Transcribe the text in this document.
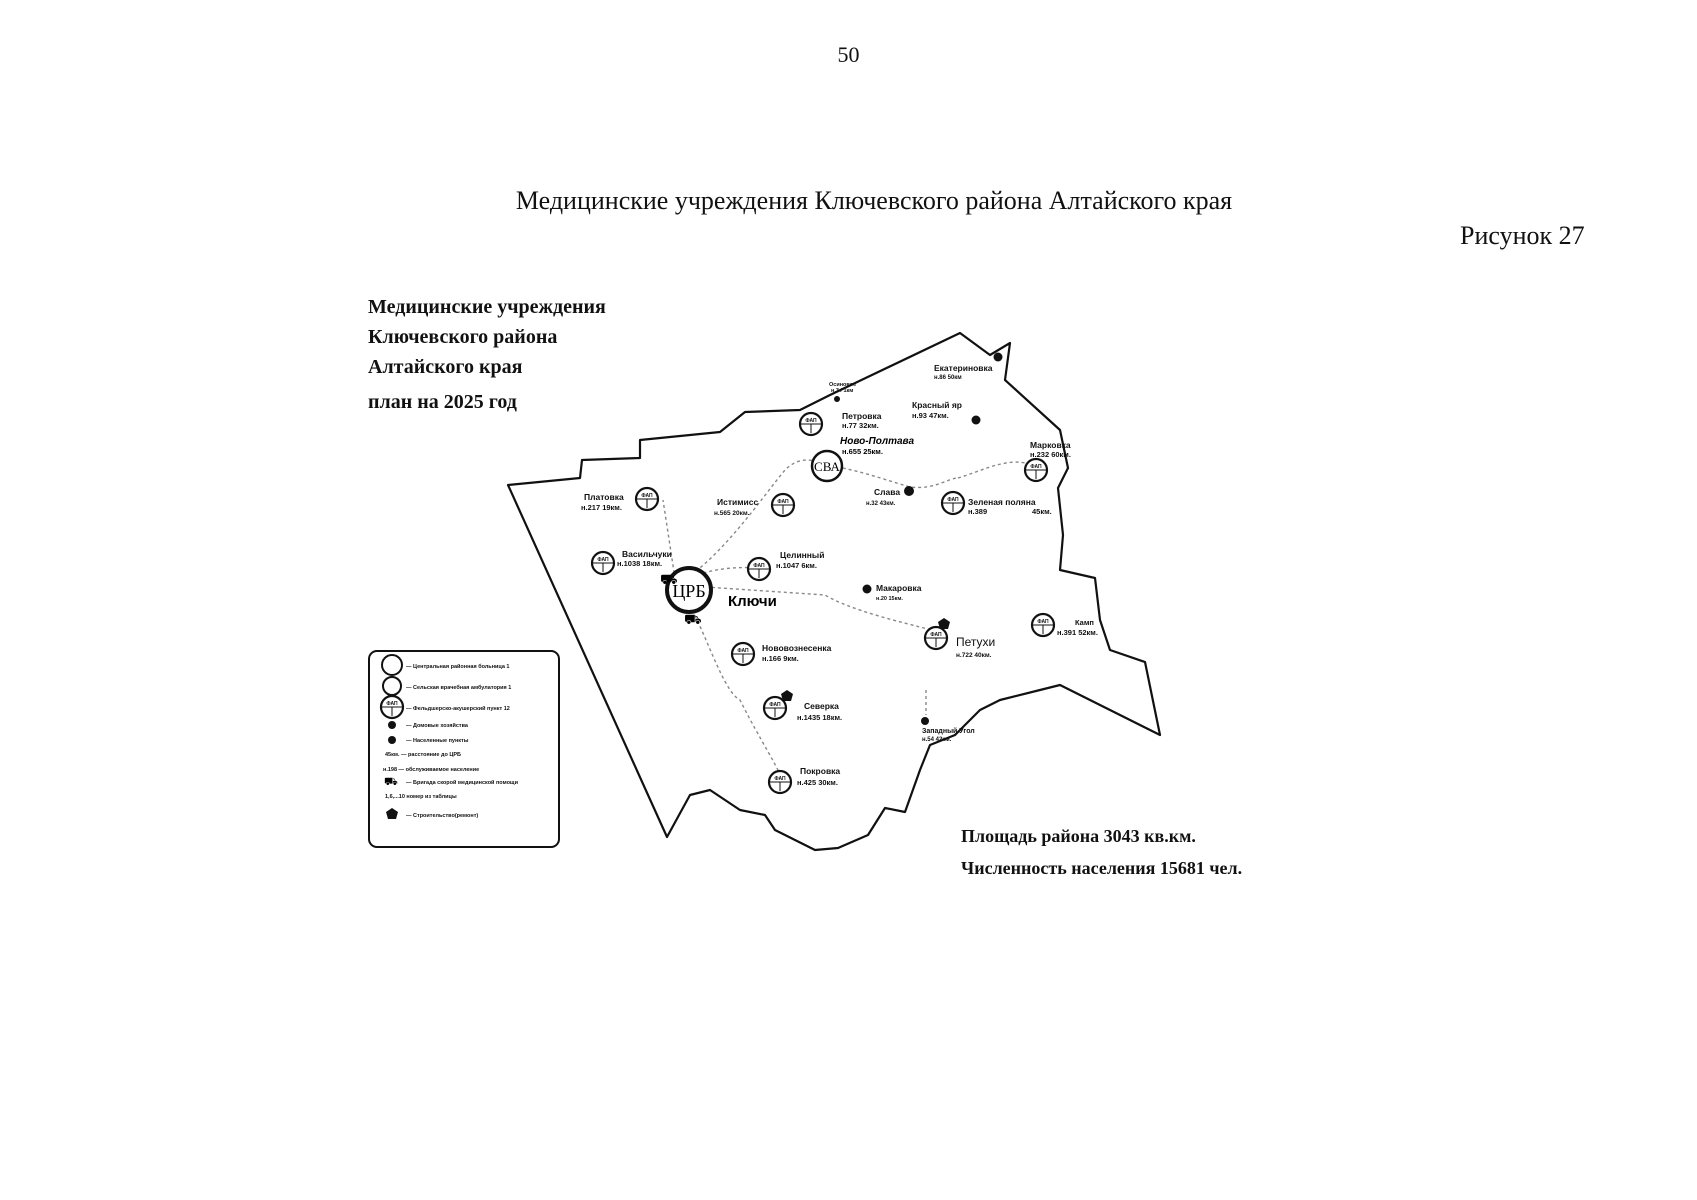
50
Медицинские учреждения Ключевского района Алтайского края
Рисунок 27
Медицинские учреждения
Ключевского района
Алтайского края
план на 2025 год
ЦРБ
Ключи
⛟
⛟
СВА
Ново-Полтава
н.655 25км.
Екатериновка
н.86 50км
Осиновое
н.3 / 1км
Петровка
н.77 32км.
Красный яр
н.93 47км.
Марковка
н.232 60км.
Слава
н.32 43км.	Зеленая поляна
н.389	45км.
Истимисс
н.565 20км.
Платовка
н.217 19км.
Васильчуки
н.1038 18км.
Целинный
н.1047 6км.
Макаровка
н.20 15км.
Петухи
н.722 40км.
Камп
н.391 52км.
Нововознесенка
н.166 9км.
Северка
н.1435 18км.
Западный Угол
н.54 42км.
Покровка
н.425 30км.
⛟
— Центральная районная больница 1
— Сельская врачебная амбулатория 1
— Фельдшерско-акушерский пункт 12
— Домовые хозяйства
— Населенные пункты
45км. — расстояние до ЦРБ
н.198 — обслуживаемое население
— Бригада скорой медицинской помощи
1,6,...10 номер из таблицы
— Строительство(ремонт)
ФАП
ФАП
ФАП
ФАП
ФАП
ФАП
ФАП
ФАП
ФАП
ФАП
ФАП
ФАП
ФАП
Площадь района 3043 кв.км.
Численность населения 15681 чел.
